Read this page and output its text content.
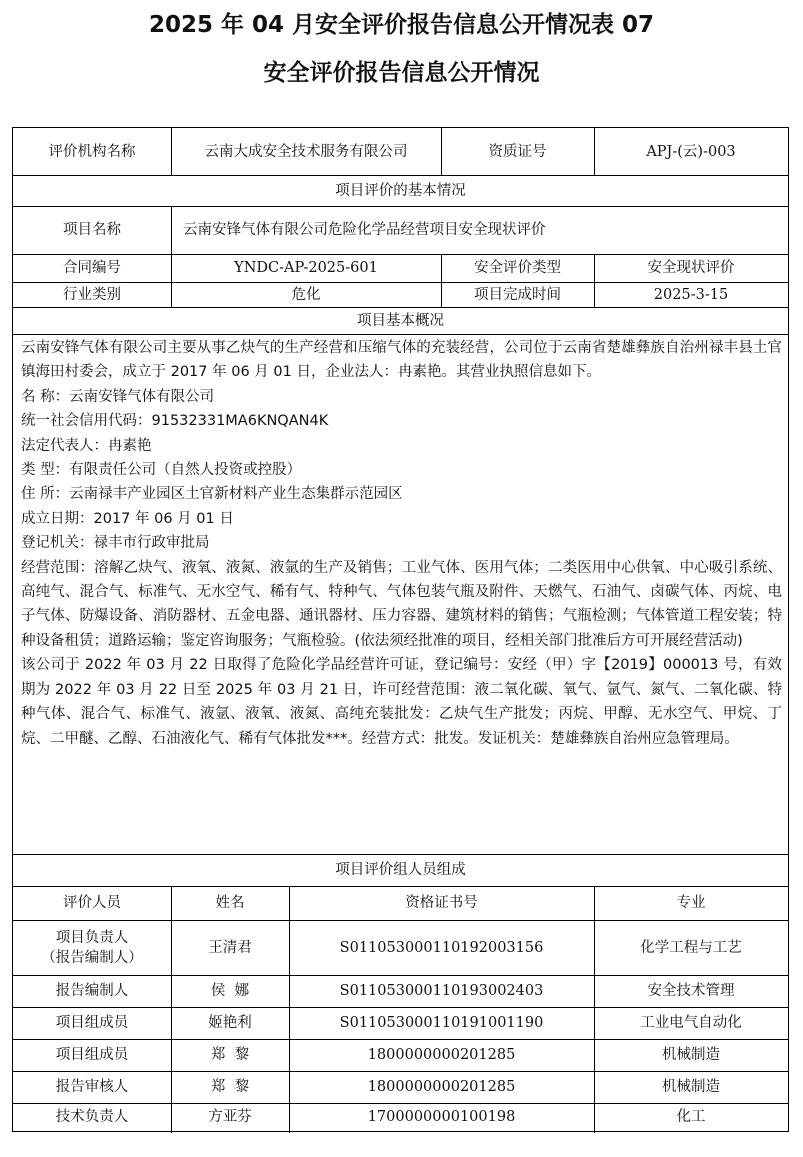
2025 年 04 月安全评价报告信息公开情况表 07
安全评价报告信息公开情况
评价机构名称	云南大成安全技术服务有限公司	资质证号	APJ-(云)-003
项目评价的基本情况
项目名称	云南安锋气体有限公司危险化学品经营项目安全现状评价
合同编号	YNDC-AP-2025-601	安全评价类型	安全现状评价
行业类别	危化	项目完成时间	2025-3-15
项目基本概况

云南安锋气体有限公司主要从事乙炔气的生产经营和压缩气体的充装经营，公司位于云南省楚雄彝族自治州禄丰县土官镇海田村委会，成立于 2017 年 06 月 01 日，企业法人：冉素艳。其营业执照信息如下。

名 称：云南安锋气体有限公司

统一社会信用代码：91532331MA6KNQAN4K

法定代表人：冉素艳

类 型：有限责任公司（自然人投资或控股）

住 所：云南禄丰产业园区土官新材料产业生态集群示范园区

成立日期：2017 年 06 月 01 日

登记机关：禄丰市行政审批局

经营范围：溶解乙炔气、液氧、液氮、液氩的生产及销售；工业气体、医用气体；二类医用中心供氧、中心吸引系统、高纯气、混合气、标准气、无水空气、稀有气、特种气、气体包装气瓶及附件、天燃气、石油气、卤碳气体、丙烷、电子气体、防爆设备、消防器材、五金电器、通讯器材、压力容器、建筑材料的销售；气瓶检测；气体管道工程安装；特种设备租赁；道路运输；鉴定咨询服务；气瓶检验。(依法须经批准的项目，经相关部门批准后方可开展经营活动)

该公司于 2022 年 03 月 22 日取得了危险化学品经营许可证，登记编号：安经（甲）字【2019】000013 号，有效期为 2022 年 03 月 22 日至 2025 年 03 月 21 日，许可经营范围：液二氧化碳、氧气、氩气、氮气、二氧化碳、特种气体、混合气、标准气、液氩、液氧、液氮、高纯充装批发：乙炔气生产批发；丙烷、甲醇、无水空气、甲烷、丁烷、二甲醚、乙醇、石油液化气、稀有气体批发***。经营方式：批发。发证机关：楚雄彝族自治州应急管理局。

项目评价组人员组成
评价人员	姓名	资格证书号	专业
项目负责人
（报告编制人）
王清君	S011053000110192003156	化学工程与工艺
报告编制人	侯  娜	S011053000110193002403	安全技术管理
项目组成员	姬艳利	S011053000110191001190	工业电气自动化
项目组成员	郑  黎	1800000000201285	机械制造
报告审核人	郑  黎	1800000000201285	机械制造
技术负责人	方亚芬	1700000000100198	化工
